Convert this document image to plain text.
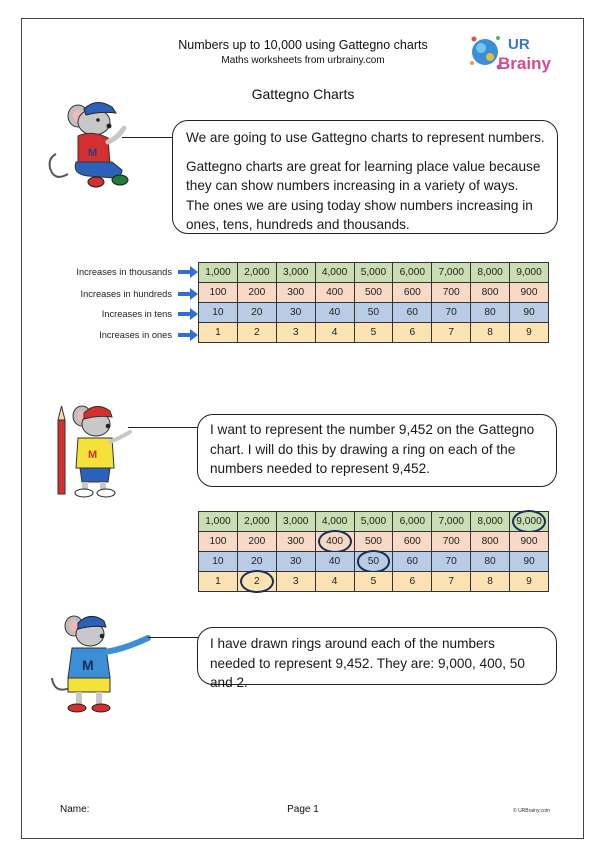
Numbers up to 10,000 using Gattegno charts
Maths worksheets from urbrainy.com
UR
Brainy
Gattegno Charts
M

We are going to use Gattegno charts to represent numbers.

Gattegno charts are great for learning place value because they can show numbers increasing in a variety of ways. The ones we are using today show numbers increasing in ones, tens, hundreds and thousands.

Increases in thousands
Increases in hundreds
Increases in tens
Increases in ones
1,000	2,000	3,000	4,000	5,000	6,000	7,000	8,000	9,000
100	200	300	400	500	600	700	800	900
10	20	30	40	50	60	70	80	90
1	2	3	4	5	6	7	8	9
M

I want to represent the number 9,452 on the Gattegno chart. I will do this by drawing a ring on each of the numbers needed to represent 9,452.

1,000	2,000	3,000	4,000	5,000	6,000	7,000	8,000	9,000

100	200	300	400	500	600	700	800	900
10	20	30	40	50	60	70	80	90
1	2	3	4	5	6	7	8	9
M

I have drawn rings around each of the numbers needed to represent 9,452. They are: 9,000, 400, 50 and 2.

Name:	Page 1	© URBrainy.com
